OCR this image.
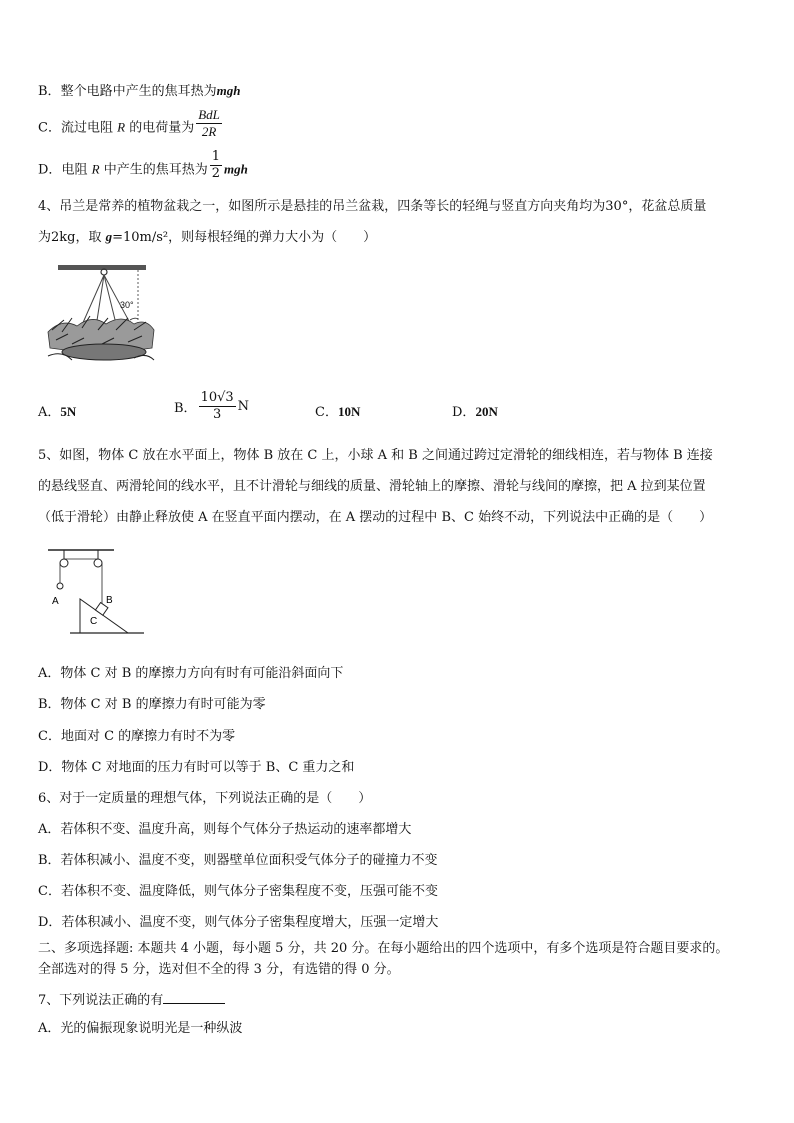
B．整个电路中产生的焦耳热为mgh
C．流过电阻 R 的电荷量为 $\frac{\text{BdL}}{2R}$
D．电阻 R 中产生的焦耳热为 $\frac{1}{2}$ mgh
4、吊兰是常养的植物盆栽之一，如图所示是悬挂的吊兰盆栽，四条等长的轻绳与竖直方向夹角均为30°，花盆总质量
为2kg，取 g=10m/s²，则每根轻绳的弹力大小为（　　）
30°
A．5N	B． $\frac{10√3}{3}$ N	C．10N	D．20N
5、如图，物体 C 放在水平面上，物体 B 放在 C 上，小球 A 和 B 之间通过跨过定滑轮的细线相连，若与物体 B 连接
的悬线竖直、两滑轮间的线水平，且不计滑轮与细线的质量、滑轮轴上的摩擦、滑轮与线间的摩擦，把 A 拉到某位置
（低于滑轮）由静止释放使 A 在竖直平面内摆动，在 A 摆动的过程中 B、C 始终不动，下列说法中正确的是（　　）
A	B
C
A．物体 C 对 B 的摩擦力方向有时有可能沿斜面向下
B．物体 C 对 B 的摩擦力有时可能为零
C．地面对 C 的摩擦力有时不为零
D．物体 C 对地面的压力有时可以等于 B、C 重力之和
6、对于一定质量的理想气体，下列说法正确的是（　　）
A．若体积不变、温度升高，则每个气体分子热运动的速率都增大
B．若体积减小、温度不变，则器壁单位面积受气体分子的碰撞力不变
C．若体积不变、温度降低，则气体分子密集程度不变，压强可能不变
D．若体积减小、温度不变，则气体分子密集程度增大，压强一定增大
二、多项选择题: 本题共 4 小题，每小题 5 分，共 20 分。在每小题给出的四个选项中，有多个选项是符合题目要求的。
全部选对的得 5 分，选对但不全的得 3 分，有选错的得 0 分。
7、下列说法正确的有
A．光的偏振现象说明光是一种纵波
